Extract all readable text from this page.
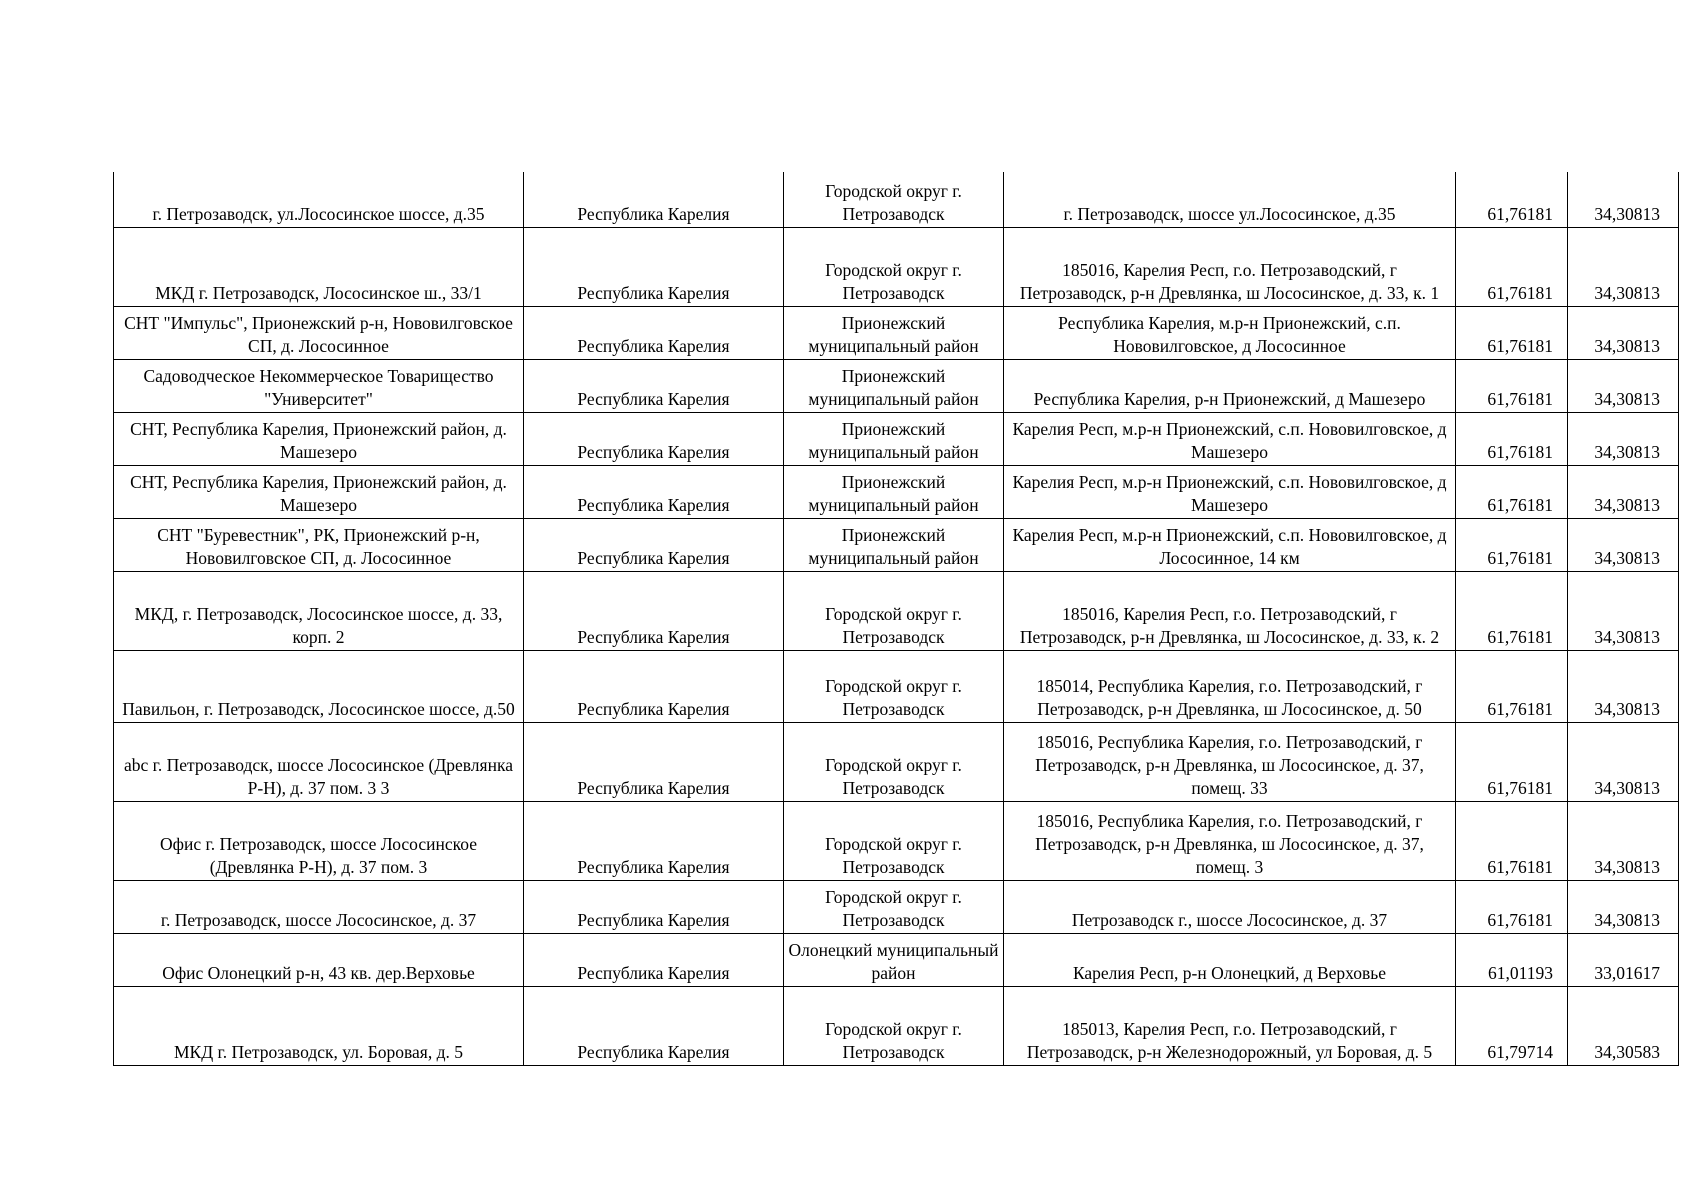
г. Петрозаводск, ул.Лососинское шоссе, д.35	Республика Карелия	Городской округ г. Петрозаводск	г. Петрозаводск, шоссе ул.Лососинское, д.35	61,76181	34,30813
МКД г. Петрозаводск, Лососинское ш., 33/1	Республика Карелия	Городской округ г. Петрозаводск	185016, Карелия Респ, г.о. Петрозаводский, г Петрозаводск, р-н Древлянка, ш Лососинское, д. 33, к. 1	61,76181	34,30813
СНТ "Импульс", Прионежский р-н, Нововилговское СП, д. Лососинное	Республика Карелия	Прионежский муниципальный район	Республика Карелия, м.р-н Прионежский, с.п. Нововилговское, д Лососинное	61,76181	34,30813
Садоводческое Некоммерческое Товарищество "Университет"	Республика Карелия	Прионежский муниципальный район	Республика Карелия, р-н Прионежский, д Машезеро	61,76181	34,30813
СНТ, Республика Карелия, Прионежский район, д. Машезеро	Республика Карелия	Прионежский муниципальный район	Карелия Респ, м.р-н Прионежский, с.п. Нововилговское, д Машезеро	61,76181	34,30813
СНТ, Республика Карелия, Прионежский район, д. Машезеро	Республика Карелия	Прионежский муниципальный район	Карелия Респ, м.р-н Прионежский, с.п. Нововилговское, д Машезеро	61,76181	34,30813
СНТ "Буревестник", РК, Прионежский р-н, Нововилговское СП, д. Лососинное	Республика Карелия	Прионежский муниципальный район	Карелия Респ, м.р-н Прионежский, с.п. Нововилговское, д Лососинное, 14 км	61,76181	34,30813
МКД, г. Петрозаводск, Лососинское шоссе, д. 33, корп. 2	Республика Карелия	Городской округ г. Петрозаводск	185016, Карелия Респ, г.о. Петрозаводский, г Петрозаводск, р-н Древлянка, ш Лососинское, д. 33, к. 2	61,76181	34,30813
Павильон, г. Петрозаводск, Лососинское шоссе, д.50	Республика Карелия	Городской округ г. Петрозаводск	185014, Республика Карелия, г.о. Петрозаводский, г Петрозаводск, р-н Древлянка, ш Лососинское, д. 50	61,76181	34,30813
abc г. Петрозаводск, шоссе Лососинское (Древлянка Р-Н), д. 37 пом. 3 3	Республика Карелия	Городской округ г. Петрозаводск	185016, Республика Карелия, г.о. Петрозаводский, г Петрозаводск, р-н Древлянка, ш Лососинское, д. 37, помещ. 33	61,76181	34,30813
Офис г. Петрозаводск, шоссе Лососинское (Древлянка Р-Н), д. 37 пом. 3	Республика Карелия	Городской округ г. Петрозаводск	185016, Республика Карелия, г.о. Петрозаводский, г Петрозаводск, р-н Древлянка, ш Лососинское, д. 37, помещ. 3	61,76181	34,30813
г. Петрозаводск, шоссе Лососинское, д. 37	Республика Карелия	Городской округ г. Петрозаводск	Петрозаводск г., шоссе Лососинское, д. 37	61,76181	34,30813
Офис Олонецкий р-н, 43 кв. дер.Верховье	Республика Карелия	Олонецкий муниципальный район	Карелия Респ, р-н Олонецкий, д Верховье	61,01193	33,01617
МКД г. Петрозаводск, ул. Боровая, д. 5	Республика Карелия	Городской округ г. Петрозаводск	185013, Карелия Респ, г.о. Петрозаводский, г Петрозаводск, р-н Железнодорожный, ул Боровая, д. 5	61,79714	34,30583
